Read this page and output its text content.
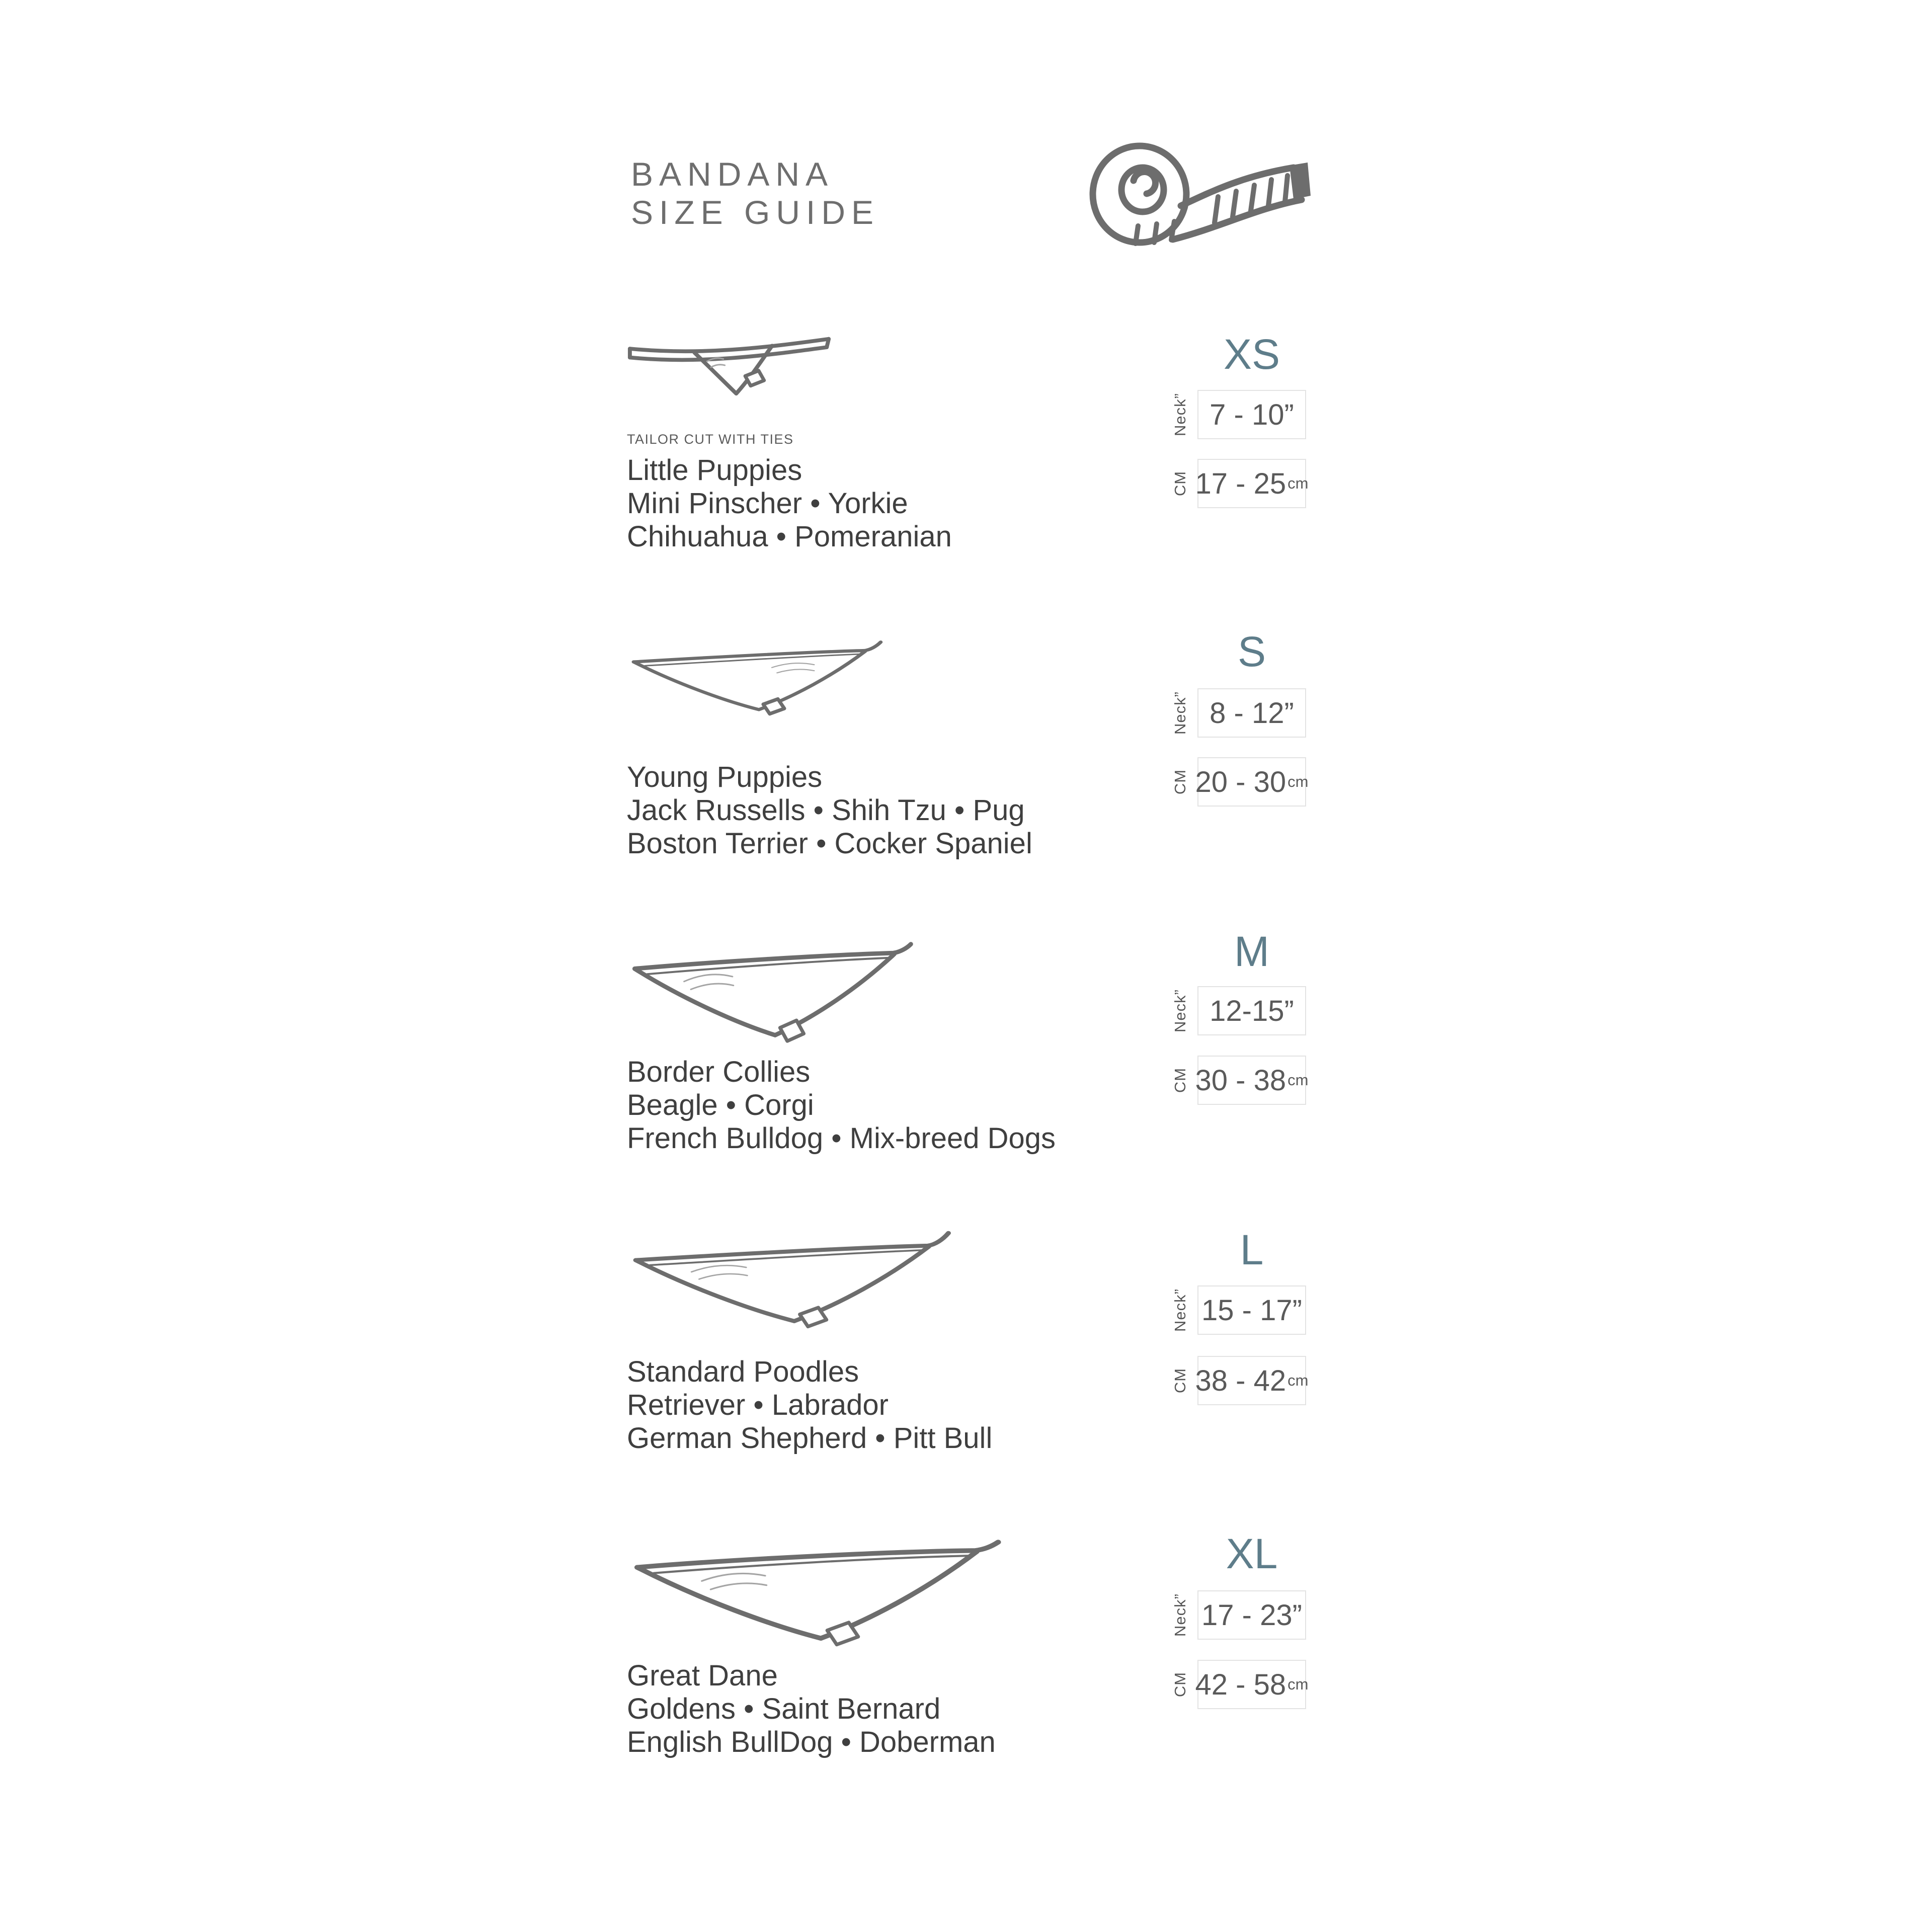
BANDANA
SIZE GUIDE
TAILOR CUT WITH TIES
Little Puppies
Mini Pinscher • Yorkie
Chihuahua • Pomeranian
XS
Neck” 7 - 10”
CM 17 - 25 cm
Young Puppies
Jack Russells • Shih Tzu • Pug
Boston Terrier • Cocker Spaniel
S
Neck” 8 - 12”
CM 20 - 30 cm
Border Collies
Beagle • Corgi
French Bulldog • Mix-breed Dogs
M
Neck” 12-15”
CM 30 - 38 cm
Standard Poodles
Retriever • Labrador
German Shepherd • Pitt Bull
L
Neck” 15 - 17”
CM 38 - 42 cm
Great Dane
Goldens • Saint Bernard
English BullDog • Doberman
XL
Neck” 17 - 23”
CM 42 - 58 cm
